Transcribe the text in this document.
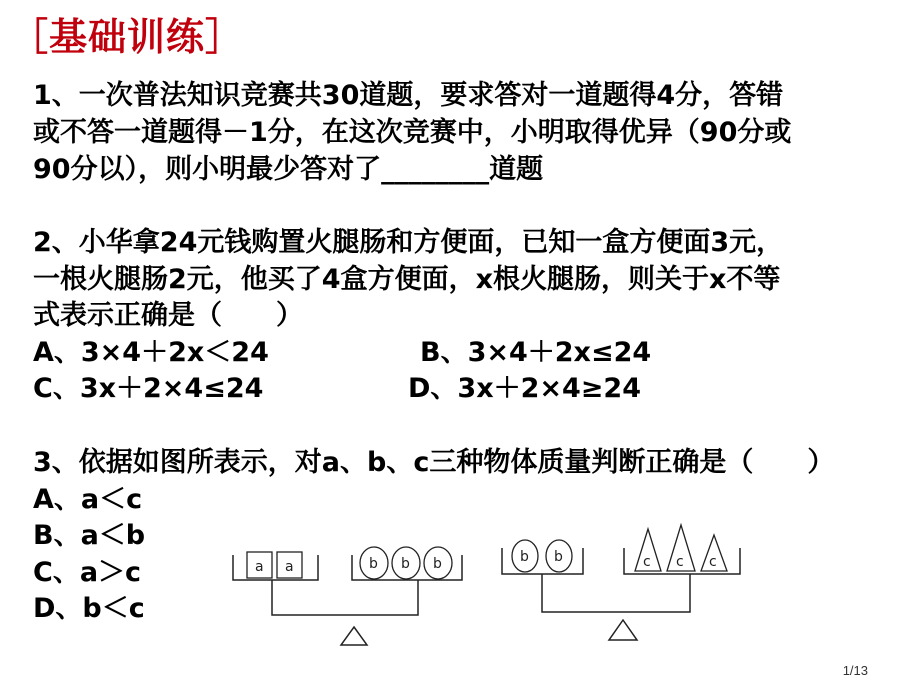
［基础训练］
1、一次普法知识竞赛共30道题，要求答对一道题得4分，答错
或不答一道题得－1分，在这次竞赛中，小明取得优异（90分或
90分以），则小明最少答对了________道题
2、小华拿24元钱购置火腿肠和方便面，已知一盒方便面3元，
一根火腿肠2元，他买了4盒方便面，x根火腿肠，则关于x不等
式表示正确是（　　）
A、3×4＋2x＜24	B、3×4＋2x≤24
C、3x＋2×4≤24	D、3x＋2×4≥24
3、依据如图所表示，对a、b、c三种物体质量判断正确是（　　）
A、a＜c
B、a＜b
C、a＞c
D、b＜c
a a	b b b	b b	c c c
1/13
